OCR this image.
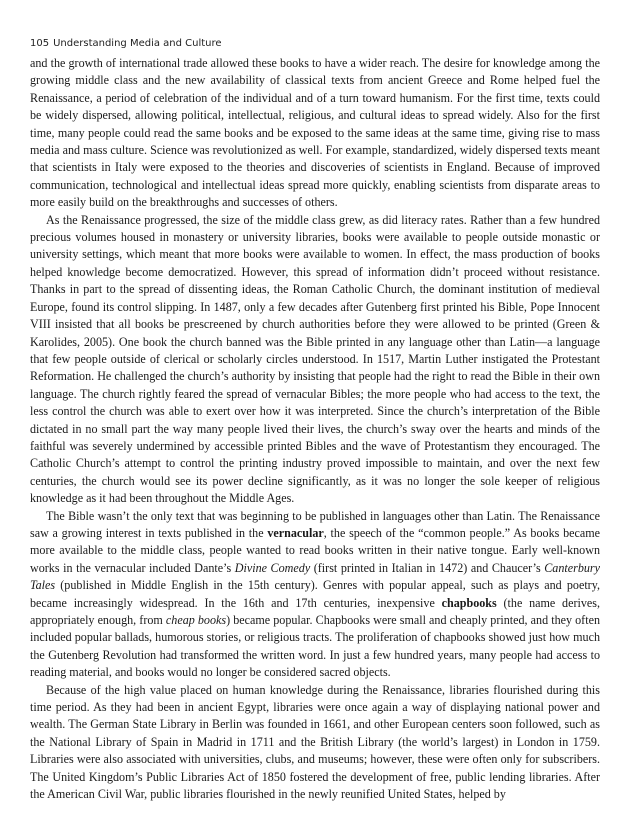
105 Understanding Media and Culture

and the growth of international trade allowed these books to have a wider reach. The desire for knowledge among the growing middle class and the new availability of classical texts from ancient Greece and Rome helped fuel the Renaissance, a period of celebration of the individual and of a turn toward humanism. For the first time, texts could be widely dispersed, allowing political, intellectual, religious, and cultural ideas to spread widely. Also for the first time, many people could read the same books and be exposed to the same ideas at the same time, giving rise to mass media and mass culture. Science was revolutionized as well. For example, standardized, widely dispersed texts meant that scientists in Italy were exposed to the theories and discoveries of scientists in England. Because of improved communication, technological and intellectual ideas spread more quickly, enabling scientists from disparate areas to more easily build on the breakthroughs and successes of others.

As the Renaissance progressed, the size of the middle class grew, as did literacy rates. Rather than a few hundred precious volumes housed in monastery or university libraries, books were available to people outside monastic or university settings, which meant that more books were available to women. In effect, the mass production of books helped knowledge become democratized. However, this spread of information didn’t proceed without resistance. Thanks in part to the spread of dissenting ideas, the Roman Catholic Church, the dominant institution of medieval Europe, found its control slipping. In 1487, only a few decades after Gutenberg first printed his Bible, Pope Innocent VIII insisted that all books be prescreened by church authorities before they were allowed to be printed (Green & Karolides, 2005). One book the church banned was the Bible printed in any language other than Latin—a language that few people outside of clerical or scholarly circles understood. In 1517, Martin Luther instigated the Protestant Reformation. He challenged the church’s authority by insisting that people had the right to read the Bible in their own language. The church rightly feared the spread of vernacular Bibles; the more people who had access to the text, the less control the church was able to exert over how it was interpreted. Since the church’s interpretation of the Bible dictated in no small part the way many people lived their lives, the church’s sway over the hearts and minds of the faithful was severely undermined by accessible printed Bibles and the wave of Protestantism they encouraged. The Catholic Church’s attempt to control the printing industry proved impossible to maintain, and over the next few centuries, the church would see its power decline significantly, as it was no longer the sole keeper of religious knowledge as it had been throughout the Middle Ages.

The Bible wasn’t the only text that was beginning to be published in languages other than Latin. The Renaissance saw a growing interest in texts published in the vernacular, the speech of the “common people.” As books became more available to the middle class, people wanted to read books written in their native tongue. Early well-known works in the vernacular included Dante’s Divine Comedy (first printed in Italian in 1472) and Chaucer’s Canterbury Tales (published in Middle English in the 15th century). Genres with popular appeal, such as plays and poetry, became increasingly widespread. In the 16th and 17th centuries, inexpensive chapbooks (the name derives, appropriately enough, from cheap books) became popular. Chapbooks were small and cheaply printed, and they often included popular ballads, humorous stories, or religious tracts. The proliferation of chapbooks showed just how much the Gutenberg Revolution had transformed the written word. In just a few hundred years, many people had access to reading material, and books would no longer be considered sacred objects.

Because of the high value placed on human knowledge during the Renaissance, libraries flourished during this time period. As they had been in ancient Egypt, libraries were once again a way of displaying national power and wealth. The German State Library in Berlin was founded in 1661, and other European centers soon followed, such as the National Library of Spain in Madrid in 1711 and the British Library (the world’s largest) in London in 1759. Libraries were also associated with universities, clubs, and museums; however, these were often only for subscribers. The United Kingdom’s Public Libraries Act of 1850 fostered the development of free, public lending libraries. After the American Civil War, public libraries flourished in the newly reunified United States, helped by
